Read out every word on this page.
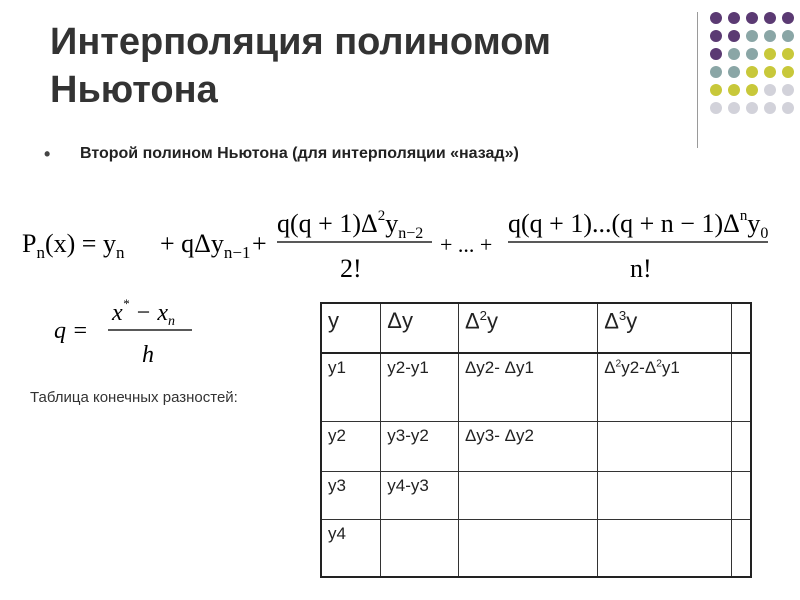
Интерполяция полиномом
Ньютона
• Второй полином Ньютона (для интерполяции «назад»)
$P_n(x) = y_n + q\Delta y_{n-1}$ +
$q(q + 1)\Delta^2y_{n-2}$
2!
+ ... +
$q(q + 1)...(q + n - 1)\Delta^ny_0$
n!
q =
$x^* - x_n$
h
Таблица конечных разностей:
y	Δy	$\Delta^2y$	$\Delta^3y$	
y1	y2-y1	Δy2- Δy1	$\Delta^2y2-\Delta^2y1$	
y2	y3-y2	Δy3- Δy2		
y3	y4-y3			
y4				
